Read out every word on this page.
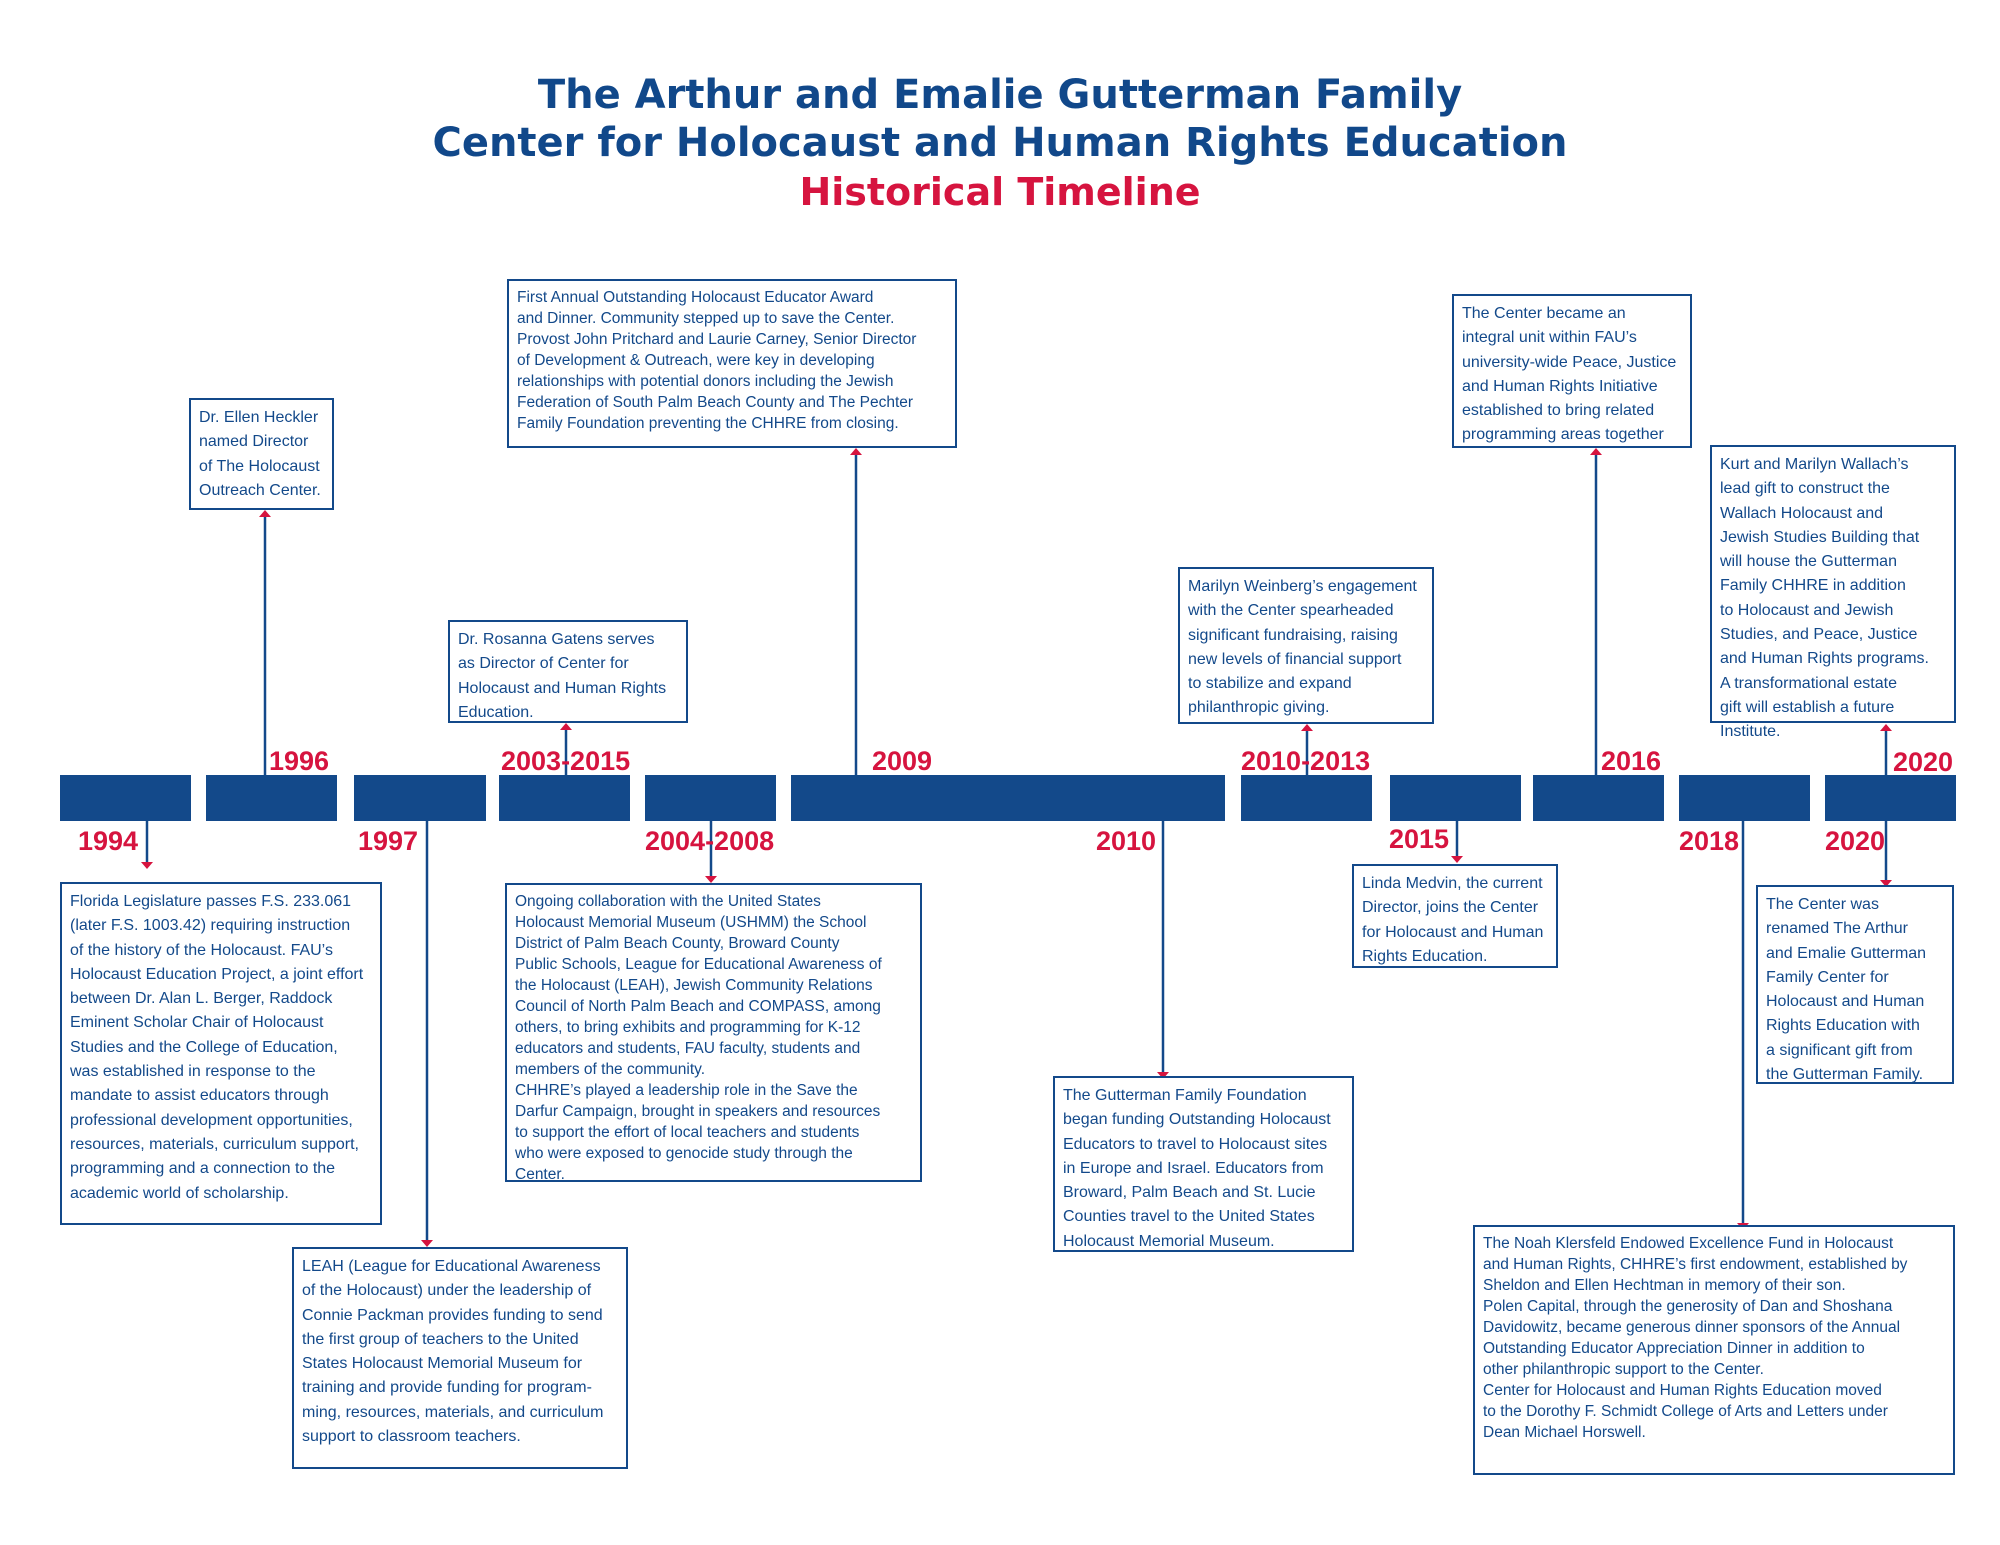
The Arthur and Emalie Gutterman Family
Center for Holocaust and Human Rights Education
Historical Timeline
1994
1996
1997
2003-2015
2004-2008
2009
2010
2010-2013
2015
2016
2018
2020
2020
Florida Legislature passes F.S. 233.061
(later F.S. 1003.42) requiring instruction
of the history of the Holocaust. FAU’s
Holocaust Education Project, a joint effort
between Dr. Alan L. Berger, Raddock
Eminent Scholar Chair of Holocaust
Studies and the College of Education,
was established in response to the
mandate to assist educators through
professional development opportunities,
resources, materials, curriculum support,
programming and a connection to the
academic world of scholarship.
Dr. Ellen Heckler
named Director
of The Holocaust
Outreach Center.
LEAH (League for Educational Awareness
of the Holocaust) under the leadership of
Connie Packman provides funding to send
the first group of teachers to the United
States Holocaust Memorial Museum for
training and provide funding for program-
ming, resources, materials, and curriculum
support to classroom teachers.
Dr. Rosanna Gatens serves
as Director of Center for
Holocaust and Human Rights
Education.
Ongoing collaboration with the United States
Holocaust Memorial Museum (USHMM) the School
District of Palm Beach County, Broward County
Public Schools, League for Educational Awareness of
the Holocaust (LEAH), Jewish Community Relations
Council of North Palm Beach and COMPASS, among
others, to bring exhibits and programming for K-12
educators and students, FAU faculty, students and
members of the community.
CHHRE’s played a leadership role in the Save the
Darfur Campaign, brought in speakers and resources
to support the effort of local teachers and students
who were exposed to genocide study through the
Center.
First Annual Outstanding Holocaust Educator Award
and Dinner. Community stepped up to save the Center.
Provost John Pritchard and Laurie Carney, Senior Director
of Development & Outreach, were key in developing
relationships with potential donors including the Jewish
Federation of South Palm Beach County and The Pechter
Family Foundation preventing the CHHRE from closing.
The Gutterman Family Foundation
began funding Outstanding Holocaust
Educators to travel to Holocaust sites
in Europe and Israel. Educators from
Broward, Palm Beach and St. Lucie
Counties travel to the United States
Holocaust Memorial Museum.
Marilyn Weinberg’s engagement
with the Center spearheaded
significant fundraising, raising
new levels of financial support
to stabilize and expand
philanthropic giving.
Linda Medvin, the current
Director, joins the Center
for Holocaust and Human
Rights Education.
The Center became an
integral unit within FAU’s
university-wide Peace, Justice
and Human Rights Initiative
established to bring related
programming areas together
The Noah Klersfeld Endowed Excellence Fund in Holocaust
and Human Rights, CHHRE’s first endowment, established by
Sheldon and Ellen Hechtman in memory of their son.
Polen Capital, through the generosity of Dan and Shoshana
Davidowitz, became generous dinner sponsors of the Annual
Outstanding Educator Appreciation Dinner in addition to
other philanthropic support to the Center.
Center for Holocaust and Human Rights Education moved
to the Dorothy F. Schmidt College of Arts and Letters under
Dean Michael Horswell.
Kurt and Marilyn Wallach’s
lead gift to construct the
Wallach Holocaust and
Jewish Studies Building that
will house the Gutterman
Family CHHRE in addition
to Holocaust and Jewish
Studies, and Peace, Justice
and Human Rights programs.
A transformational estate
gift will establish a future
Institute.
The Center was
renamed The Arthur
and Emalie Gutterman
Family Center for
Holocaust and Human
Rights Education with
a significant gift from
the Gutterman Family.
